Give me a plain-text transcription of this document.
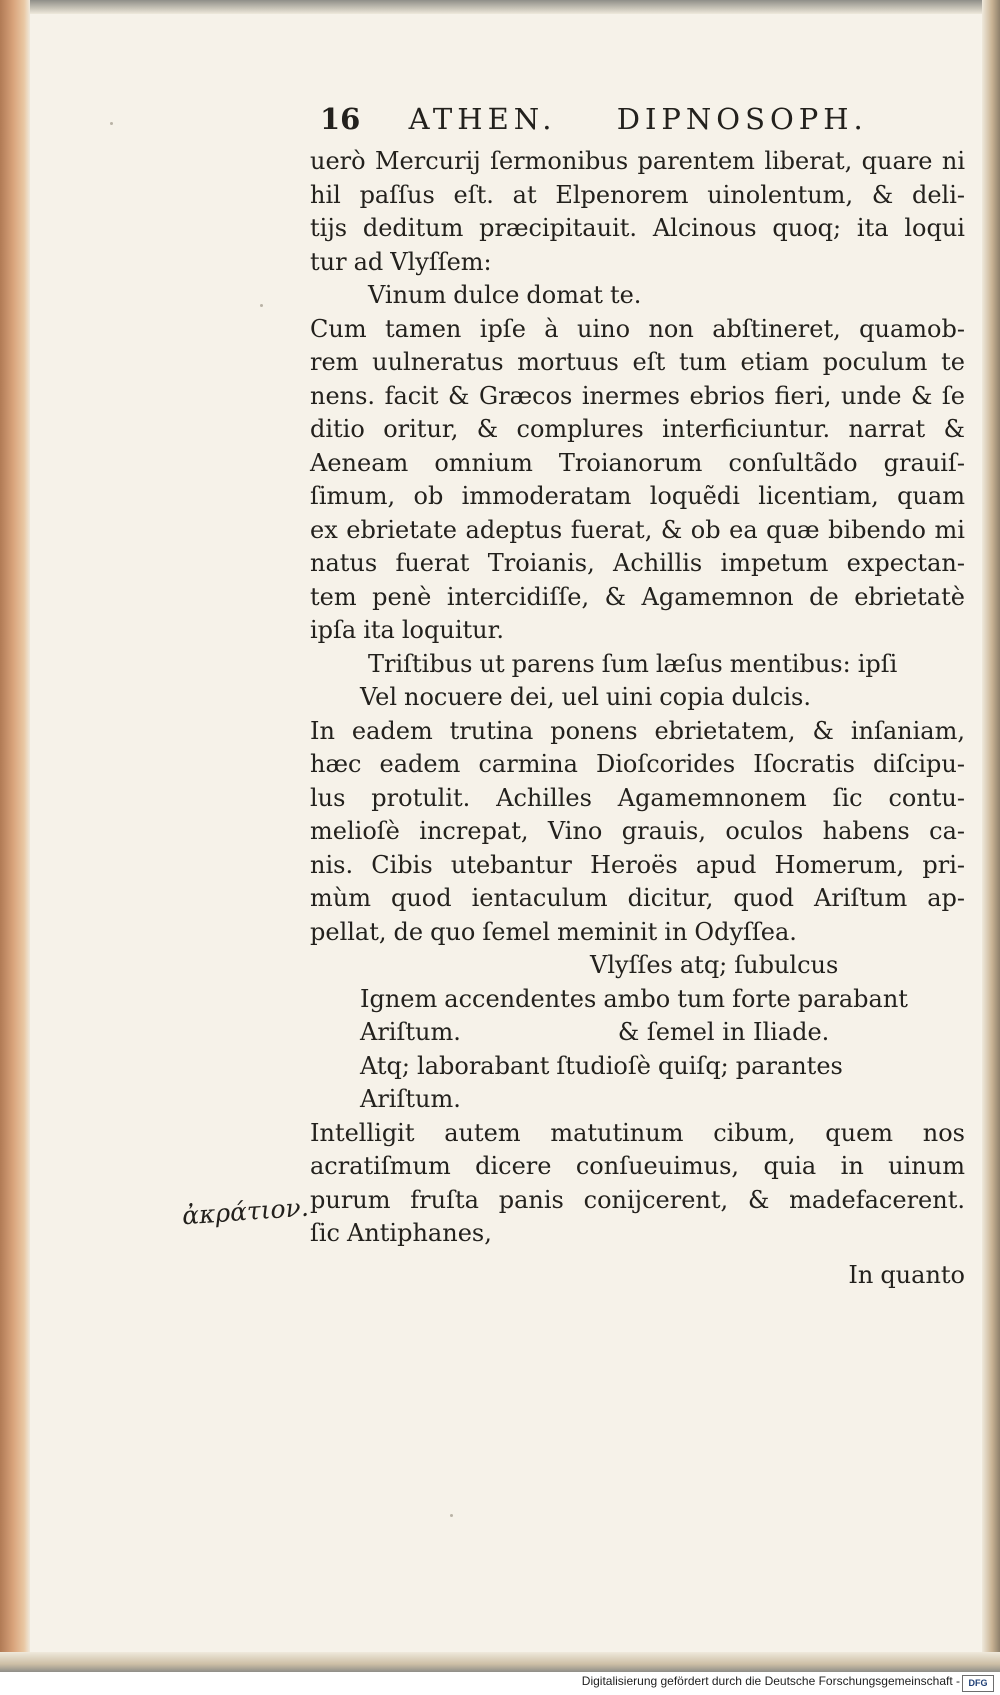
16 ATHEN. DIPNOSOPH.
uerò Mercurij ſermonibus parentem liberat, quare ni
hil paſſus eſt. at Elpenorem uinolentum, & deli-
tijs deditum præcipitauit. Alcinous quoq; ita loqui
tur ad Vlyſſem:
Vinum dulce domat te.
Cum tamen ipſe à uino non abſtineret, quamob-
rem uulneratus mortuus eſt tum etiam poculum te
nens. facit & Græcos inermes ebrios fieri, unde & ſe
ditio oritur, & complures interficiuntur. narrat &
Aeneam omnium Troianorum conſultãdo grauiſ-
ſimum, ob immoderatam loquẽdi licentiam, quam
ex ebrietate adeptus fuerat, & ob ea quæ bibendo mi
natus fuerat Troianis, Achillis impetum expectan-
tem penè intercidiſſe, & Agamemnon de ebrietatè
ipſa ita loquitur.
Triſtibus ut parens ſum læſus mentibus: ipſi
Vel nocuere dei, uel uini copia dulcis.
In eadem trutina ponens ebrietatem, & inſaniam,
hæc eadem carmina Dioſcorides Iſocratis diſcipu-
lus protulit. Achilles Agamemnonem ſic contu-
melioſè increpat, Vino grauis, oculos habens ca-
nis. Cibis utebantur Heroës apud Homerum, pri-
mùm quod ientaculum dicitur, quod Ariſtum ap-
pellat, de quo ſemel meminit in Odyſſea.
Vlyſſes atq; ſubulcus
Ignem accendentes ambo tum forte parabant
Ariſtum.	& ſemel in Iliade.
Atq; laborabant ſtudioſè quiſq; parantes
Ariſtum.
Intelligit autem matutinum cibum, quem nos
acratiſmum dicere conſueuimus, quia in uinum
purum fruſta panis conijcerent, & madefacerent.
ſic Antiphanes,
In quanto
ἀκράτιον.
Digitalisierung gefördert durch die Deutsche Forschungsgemeinschaft - DFG
